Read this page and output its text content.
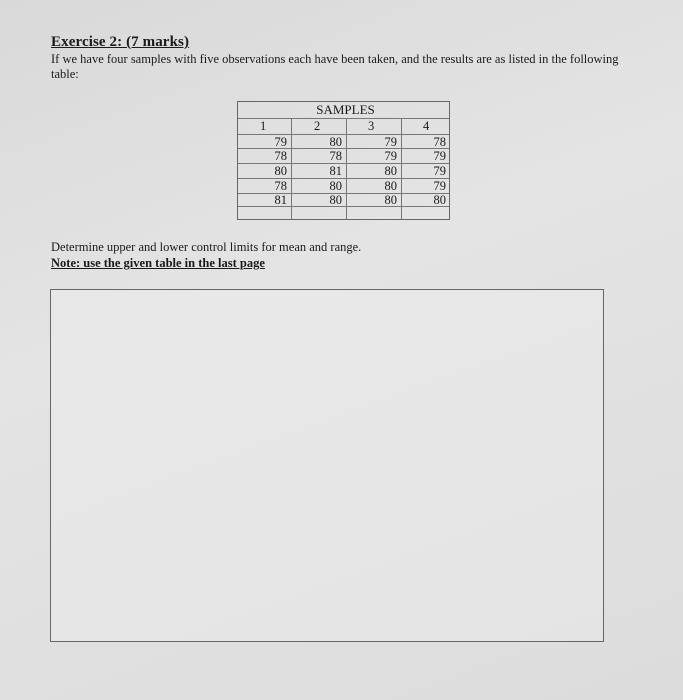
Exercise 2: (7 marks)
If we have four samples with five observations each have been taken, and the results are as listed in the following table:
SAMPLES
1	2	3	4
79	80	79	78
78	78	79	79
80	81	80	79
78	80	80	79
81	80	80	80
Determine upper and lower control limits for mean and range.
Note: use the given table in the last page
